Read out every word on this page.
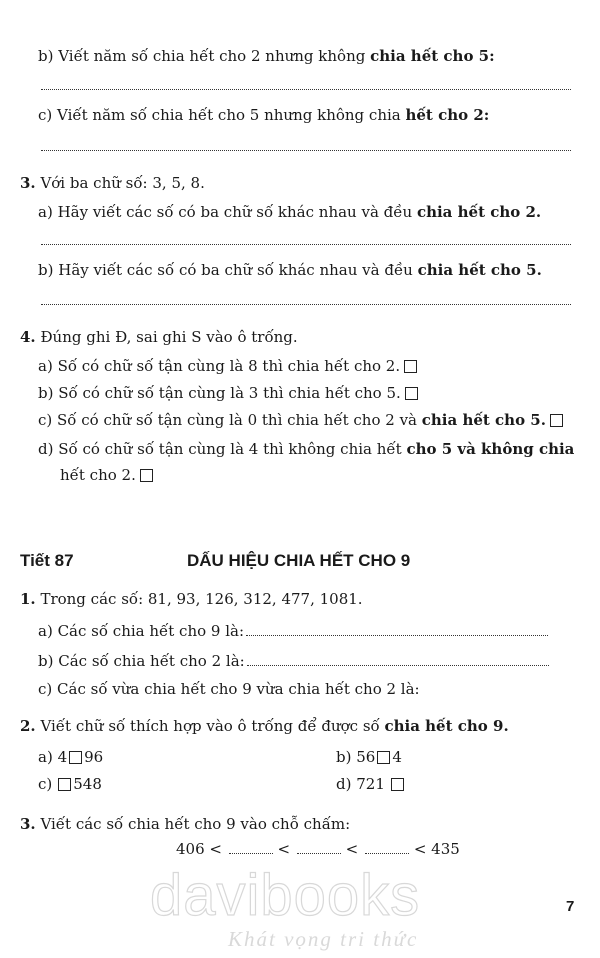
b) Viết năm số chia hết cho 2 nhưng không chia hết cho 5:
c) Viết năm số chia hết cho 5 nhưng không chia hết cho 2:
3. Với ba chữ số: 3, 5, 8.
a) Hãy viết các số có ba chữ số khác nhau và đều chia hết cho 2.
b) Hãy viết các số có ba chữ số khác nhau và đều chia hết cho 5.
4. Đúng ghi Đ, sai ghi S vào ô trống.
a) Số có chữ số tận cùng là 8 thì chia hết cho 2.
b) Số có chữ số tận cùng là 3 thì chia hết cho 5.
c) Số có chữ số tận cùng là 0 thì chia hết cho 2 và chia hết cho 5.
d) Số có chữ số tận cùng là 4 thì không chia hết cho 5 và không chia
hết cho 2.
Tiết 87	DẤU HIỆU CHIA HẾT CHO 9
1. Trong các số: 81, 93, 126, 312, 477, 1081.
a) Các số chia hết cho 9 là:
b) Các số chia hết cho 2 là:
c) Các số vừa chia hết cho 9 vừa chia hết cho 2 là:
2. Viết chữ số thích hợp vào ô trống để được số chia hết cho 9.
a) 4 96	b) 56 4
c) 548	d) 721
3. Viết các số chia hết cho 9 vào chỗ chấm:
406 <	<	<	< 435
davibooks
Khát vọng tri thức
7
